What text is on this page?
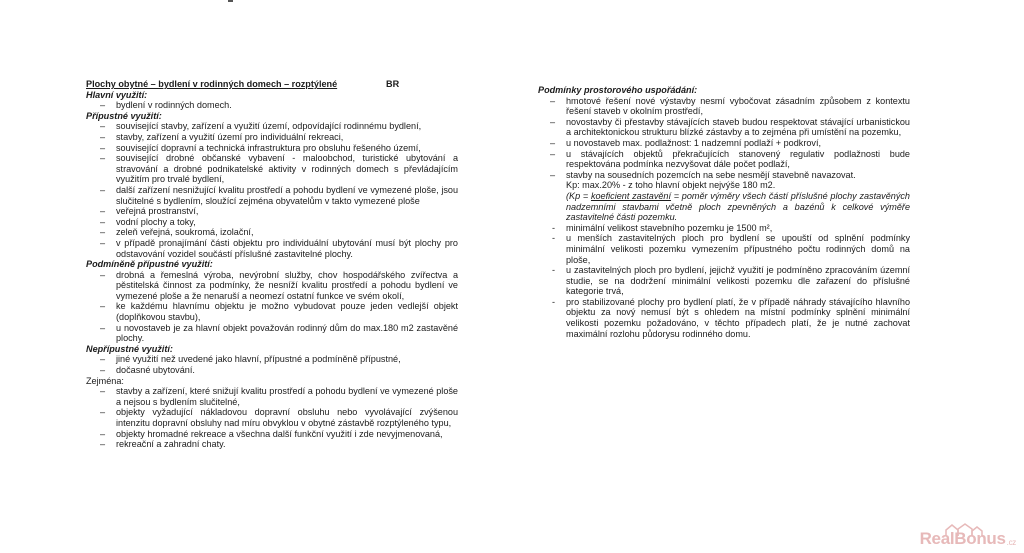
Plochy obytné – bydlení v rodinných domech – rozptýlené	BR
Hlavní využití:
– bydlení v rodinných domech.
Přípustné využití:
– související stavby, zařízení a využití území, odpovídající rodinnému bydlení,
– stavby, zařízení a využití území pro individuální rekreaci,
– související dopravní a technická infrastruktura pro obsluhu řešeného území,
– související drobné občanské vybavení - maloobchod, turistické ubytování a stravování a drobné podnikatelské aktivity v rodinných domech s převládajícím využitím pro trvalé bydlení,
– další zařízení nesnižující kvalitu prostředí a pohodu bydlení ve vymezené ploše, jsou slučitelné s bydlením, sloužící zejména obyvatelům v takto vymezené ploše
– veřejná prostranství,
– vodní plochy a toky,
– zeleň veřejná, soukromá, izolační,
– v případě pronajímání části objektu pro individuální ubytování musí být plochy pro odstavování vozidel součástí příslušné zastavitelné plochy.
Podmíněně přípustné využití:
– drobná a řemeslná výroba, nevýrobní služby, chov hospodářského zvířectva a pěstitelská činnost za podmínky, že nesníží kvalitu prostředí a pohodu bydlení ve vymezené ploše a že nenaruší a neomezí ostatní funkce ve svém okolí,
– ke každému hlavnímu objektu je možno vybudovat pouze jeden vedlejší objekt (doplňkovou stavbu),
– u novostaveb je za hlavní objekt považován rodinný dům do max.180 m2 zastavěné plochy.
Nepřípustné využití:
– jiné využití než uvedené jako hlavní, přípustné a podmíněně přípustné,
– dočasné ubytování.
Zejména:
– stavby a zařízení, které snižují kvalitu prostředí a pohodu bydlení ve vymezené ploše a nejsou s bydlením slučitelné,
– objekty vyžadující nákladovou dopravní obsluhu nebo vyvolávající zvýšenou intenzitu dopravní obsluhy nad míru obvyklou v obytné zástavbě rozptýleného typu,
– objekty hromadné rekreace a všechna další funkční využití i zde nevyjmenovaná,
– rekreační a zahradní chaty.
Podmínky prostorového uspořádání:
– hmotové řešení nové výstavby nesmí vybočovat zásadním způsobem z kontextu řešení staveb v okolním prostředí,
– novostavby či přestavby stávajících staveb budou respektovat stávající urbanistickou a architektonickou strukturu blízké zástavby a to zejména při umístění na pozemku,
– u novostaveb max. podlažnost: 1 nadzemní podlaží + podkroví,
– u stávajících objektů překračujících stanovený regulativ podlažnosti bude respektována podmínka nezvyšovat dále počet podlaží,
– stavby na sousedních pozemcích na sebe nesmějí stavebně navazovat.
Kp: max.20% - z toho hlavní objekt nejvýše 180 m2.
(Kp = koeficient zastavění = poměr výměry všech částí příslušné plochy zastavěných nadzemními stavbami včetně ploch zpevněných a bazénů k celkové výměře zastavitelné části pozemku.
- minimální velikost stavebního pozemku je 1500 m²,
- u menších zastavitelných ploch pro bydlení se upouští od splnění podmínky minimální velikosti pozemku vymezením přípustného počtu rodinných domů na ploše,
- u zastavitelných ploch pro bydlení, jejichž využití je podmíněno zpracováním územní studie, se na dodržení minimální velikosti pozemku dle zařazení do příslušné kategorie trvá,
- pro stabilizované plochy pro bydlení platí, že v případě náhrady stávajícího hlavního objektu za nový nemusí být s ohledem na místní podmínky splnění minimální velikosti pozemku požadováno, v těchto případech platí, že je nutné zachovat maximální rozlohu půdorysu rodinného domu.
Real Bonus .cz
